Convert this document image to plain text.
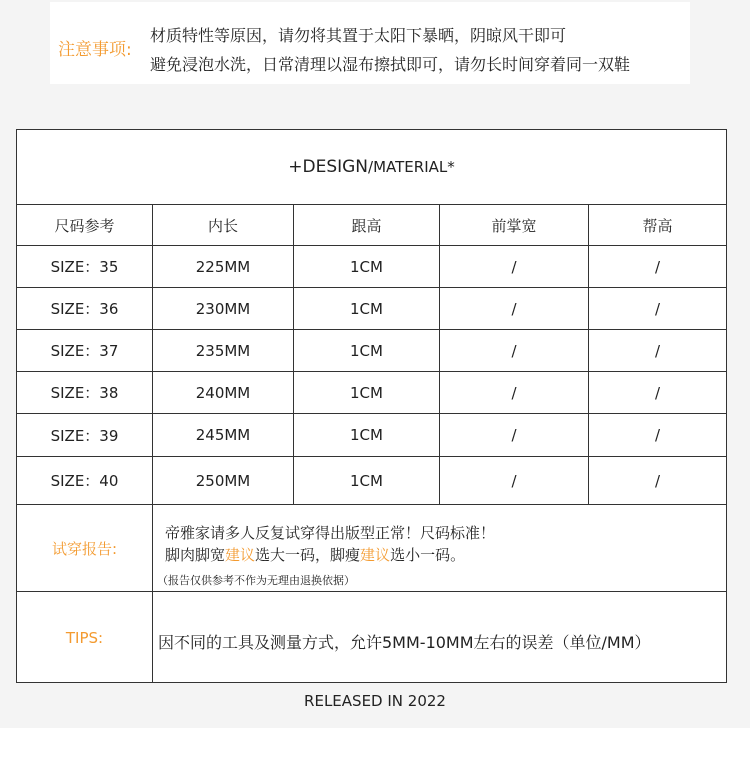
注意事项:
材质特性等原因，请勿将其置于太阳下暴晒，阴晾风干即可
避免浸泡水洗，日常清理以湿布擦拭即可，请勿长时间穿着同一双鞋
+ DESIGN / MATERIAL *
尺码参考	内长	跟高	前掌宽	帮高
SIZE：35	225MM	1CM	/	/
SIZE：36	230MM	1CM	/	/
SIZE：37	235MM	1CM	/	/
SIZE：38	240MM	1CM	/	/
SIZE：39	245MM	1CM	/	/
SIZE：40	250MM	1CM	/	/
试穿报告:
帝雅家请多人反复试穿得出版型正常！尺码标准！
脚肉脚宽建议选大一码，脚瘦建议选小一码。
（报告仅供参考不作为无理由退换依据）
TIPS:	因不同的工具及测量方式，允许5MM-10MM左右的误差（单位/MM）
RELEASED IN 2022
